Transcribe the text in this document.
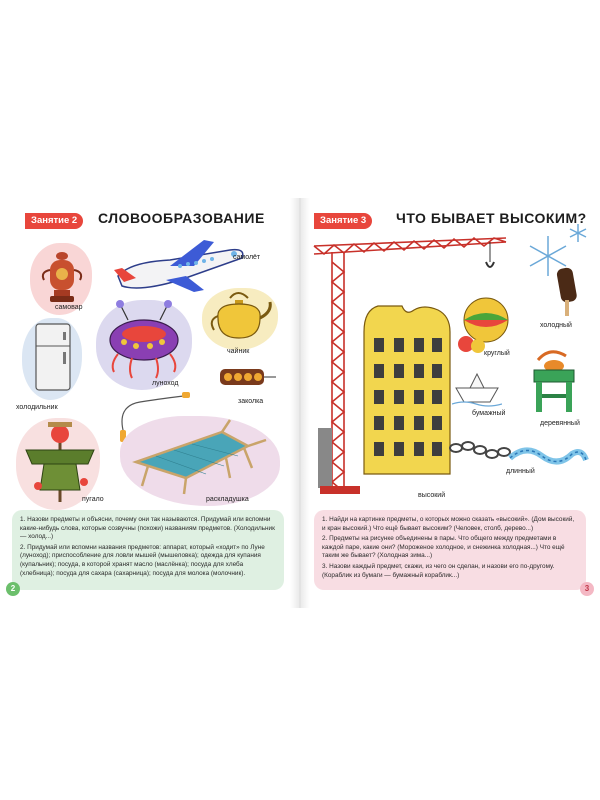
Занятие 2	СЛОВООБРАЗОВАНИЕ
самовар
самолёт
холодильник
луноход
чайник
заколка
пугало	раскладушка

1. Назови предметы и объясни, почему они так называются. Придумай или вспомни какие-нибудь слова, которые созвучны (похожи) названиям предметов. (Холодильник — холод...)

2. Придумай или вспомни названия предметов: аппарат, который «ходит» по Луне (луноход); приспособление для ловли мышей (мышеловка); одежда для купания (купальник); посуда, в которой хранят масло (маслёнка); посуда для хлеба (хлебница); посуда для сахара (сахарница); посуда для молока (молочник).

2
Занятие 3	ЧТО БЫВАЕТ ВЫСОКИМ?
высокий
холодный
круглый
бумажный
деревянный
длинный

1. Найди на картинке предметы, о которых можно сказать «высокий». (Дом высокий, и кран высокий.) Что ещё бывает высоким? (Человек, столб, дерево...)

2. Предметы на рисунке объединены в пары. Что общего между предметами в каждой паре, какие они? (Мороженое холодное, и снежинка холодная...) Что ещё таким же бывает? (Холодная зима...)

3. Назови каждый предмет, скажи, из чего он сделан, и назови его по-другому. (Кораблик из бумаги — бумажный кораблик...)

3
